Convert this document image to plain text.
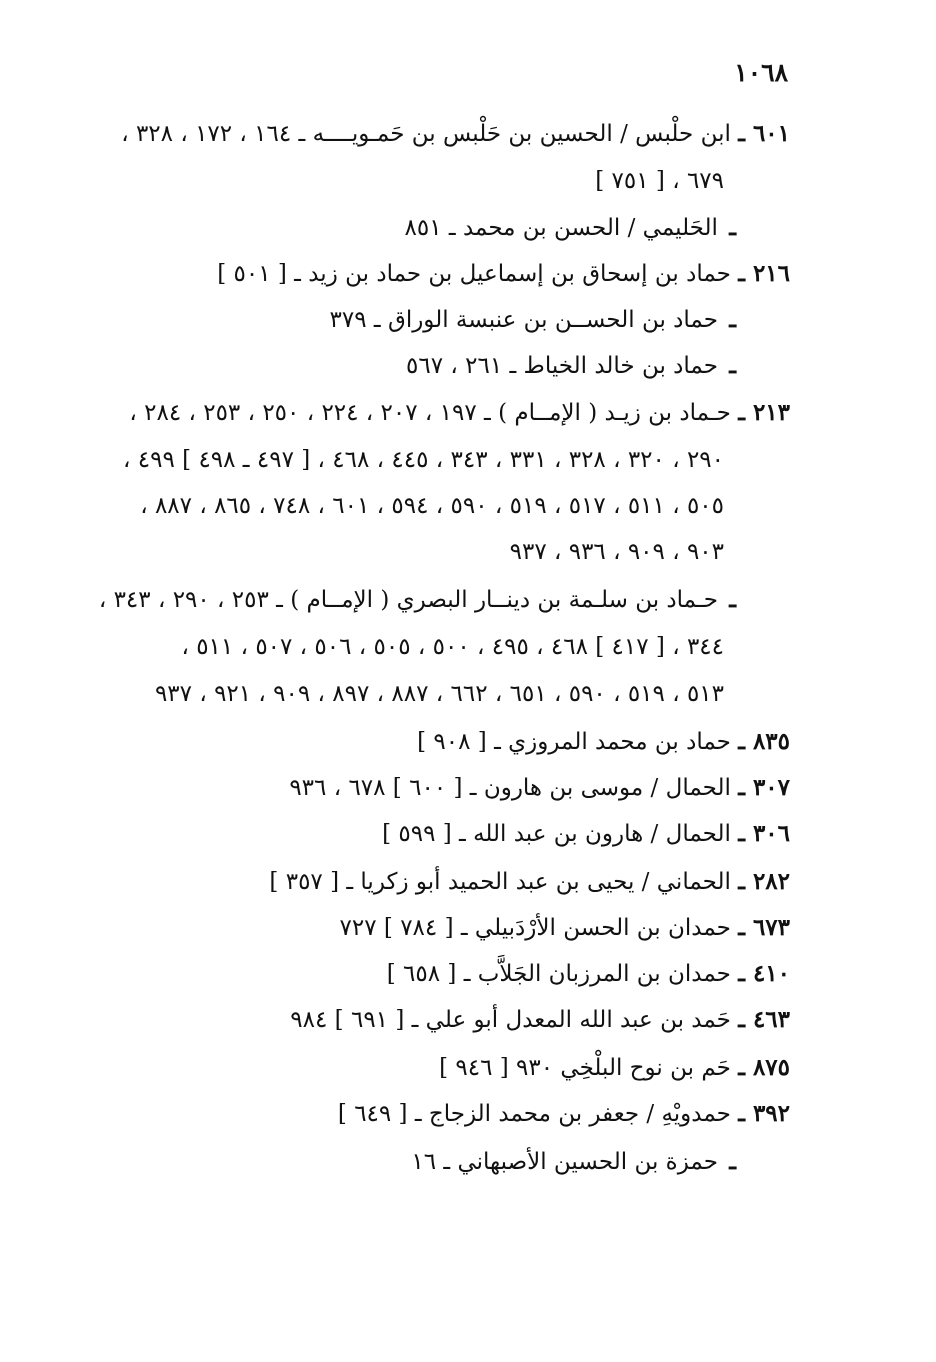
١٠٦٨
٦٠١ ـ ابن حلْبس / الحسين بن حَلْبس بن حَمـويــــه ـ ١٦٤ ، ١٧٢ ، ٣٢٨ ،
٦٧٩ ، [ ٧٥١ ]
ـ الحَليمي / الحسن بن محمد ـ ٨٥١
٢١٦ ـ حماد بن إسحاق بن إسماعيل بن حماد بن زيد ـ [ ٥٠١ ]
ـ حماد بن الحســن بن عنبسة الوراق ـ ٣٧٩
ـ حماد بن خالد الخياط ـ ٢٦١ ، ٥٦٧
٢١٣ ـ حـماد بن زيـد ( الإمــام ) ـ ١٩٧ ، ٢٠٧ ، ٢٢٤ ، ٢٥٠ ، ٢٥٣ ، ٢٨٤ ،
٢٩٠ ، ٣٢٠ ، ٣٢٨ ، ٣٣١ ، ٣٤٣ ، ٤٤٥ ، ٤٦٨ ، [ ٤٩٧ ـ ٤٩٨ ] ٤٩٩ ،
٥٠٥ ، ٥١١ ، ٥١٧ ، ٥١٩ ، ٥٩٠ ، ٥٩٤ ، ٦٠١ ، ٧٤٨ ، ٨٦٥ ، ٨٨٧ ،
٩٠٣ ، ٩٠٩ ، ٩٣٦ ، ٩٣٧
ـ حـماد بن سلـمة بن دينــار البصري ( الإمــام ) ـ ٢٥٣ ، ٢٩٠ ، ٣٤٣ ،
٣٤٤ ، [ ٤١٧ ] ٤٦٨ ، ٤٩٥ ، ٥٠٠ ، ٥٠٥ ، ٥٠٦ ، ٥٠٧ ، ٥١١ ،
٥١٣ ، ٥١٩ ، ٥٩٠ ، ٦٥١ ، ٦٦٢ ، ٨٨٧ ، ٨٩٧ ، ٩٠٩ ، ٩٢١ ، ٩٣٧
٨٣٥ ـ حماد بن محمد المروزي ـ [ ٩٠٨ ]
٣٠٧ ـ الحمال / موسى بن هارون ـ [ ٦٠٠ ] ٦٧٨ ، ٩٣٦
٣٠٦ ـ الحمال / هارون بن عبد الله ـ [ ٥٩٩ ]
٢٨٢ ـ الحماني / يحيى بن عبد الحميد أبو زكريا ـ [ ٣٥٧ ]
٦٧٣ ـ حمدان بن الحسن الأرْدَبيلي ـ [ ٧٨٤ ] ٧٢٧
٤١٠ ـ حمدان بن المرزبان الجَلاَّب ـ [ ٦٥٨ ]
٤٦٣ ـ حَمد بن عبد الله المعدل أبو علي ـ [ ٦٩١ ] ٩٨٤
٨٧٥ ـ حَم بن نوح البلْخِي ٩٣٠ [ ٩٤٦ ]
٣٩٢ ـ حمدويْهِ / جعفر بن محمد الزجاج ـ [ ٦٤٩ ]
ـ حمزة بن الحسين الأصبهاني ـ ١٦
